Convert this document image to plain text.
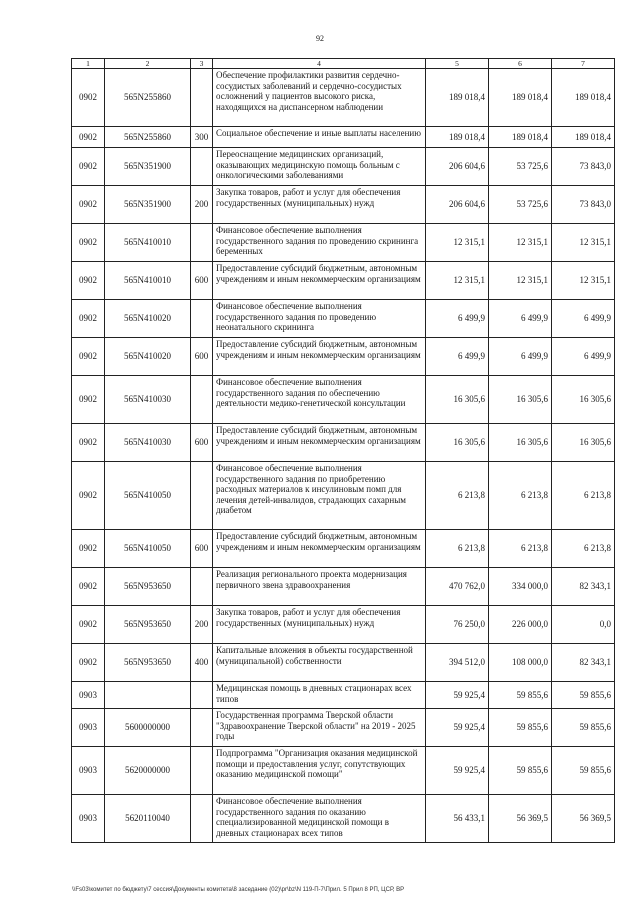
92
1	2	3	4	5	6	7
0902	565N255860		Обеспечение профилактики развития сердечно-сосудистых заболеваний и сердечно-сосудистых осложнений у пациентов высокого риска, находящихся на диспансерном наблюдении	189 018,4	189 018,4	189 018,4
0902	565N255860	300	Социальное обеспечение и иные выплаты населению	189 018,4	189 018,4	189 018,4
0902	565N351900		Переоснащение медицинских организаций, оказывающих медицинскую помощь больным с онкологическими заболеваниями	206 604,6	53 725,6	73 843,0
0902	565N351900	200	Закупка товаров, работ и услуг для обеспечения государственных (муниципальных) нужд	206 604,6	53 725,6	73 843,0
0902	565N410010		Финансовое обеспечение выполнения государственного задания по проведению скрининга беременных	12 315,1	12 315,1	12 315,1
0902	565N410010	600	Предоставление субсидий бюджетным, автономным учреждениям и иным некоммерческим организациям	12 315,1	12 315,1	12 315,1
0902	565N410020		Финансовое обеспечение выполнения государственного задания по проведению неонатального скрининга	6 499,9	6 499,9	6 499,9
0902	565N410020	600	Предоставление субсидий бюджетным, автономным учреждениям и иным некоммерческим организациям	6 499,9	6 499,9	6 499,9
0902	565N410030		Финансовое обеспечение выполнения государственного задания по обеспечению деятельности медико-генетической консультации	16 305,6	16 305,6	16 305,6
0902	565N410030	600	Предоставление субсидий бюджетным, автономным учреждениям и иным некоммерческим организациям	16 305,6	16 305,6	16 305,6
0902	565N410050		Финансовое обеспечение выполнения государственного задания по приобретению расходных материалов к инсулиновым помп для лечения детей-инвалидов, страдающих сахарным диабетом	6 213,8	6 213,8	6 213,8
0902	565N410050	600	Предоставление субсидий бюджетным, автономным учреждениям и иным некоммерческим организациям	6 213,8	6 213,8	6 213,8
0902	565N953650		Реализация регионального проекта модернизация первичного звена здравоохранения	470 762,0	334 000,0	82 343,1
0902	565N953650	200	Закупка товаров, работ и услуг для обеспечения государственных (муниципальных) нужд	76 250,0	226 000,0	0,0
0902	565N953650	400	Капитальные вложения в объекты государственной (муниципальной) собственности	394 512,0	108 000,0	82 343,1
0903			Медицинская помощь в дневных стационарах всех типов	59 925,4	59 855,6	59 855,6
0903	5600000000		Государственная программа Тверской области "Здравоохранение Тверской области" на 2019 - 2025 годы	59 925,4	59 855,6	59 855,6
0903	5620000000		Подпрограмма "Организация оказания медицинской помощи и предоставления услуг, сопутствующих оказанию медицинской помощи"	59 925,4	59 855,6	59 855,6
0903	5620110040		Финансовое обеспечение выполнения государственного задания по оказанию специализированной медицинской помощи в дневных стационарах всех типов	56 433,1	56 369,5	56 369,5
\\Fs03\комитет по бюджету\7 сессия\Документы комитета\8 заседание (02)\pr\bz\N 119-П-7\Прил. 5 Прил 8 РП, ЦСР, ВР
